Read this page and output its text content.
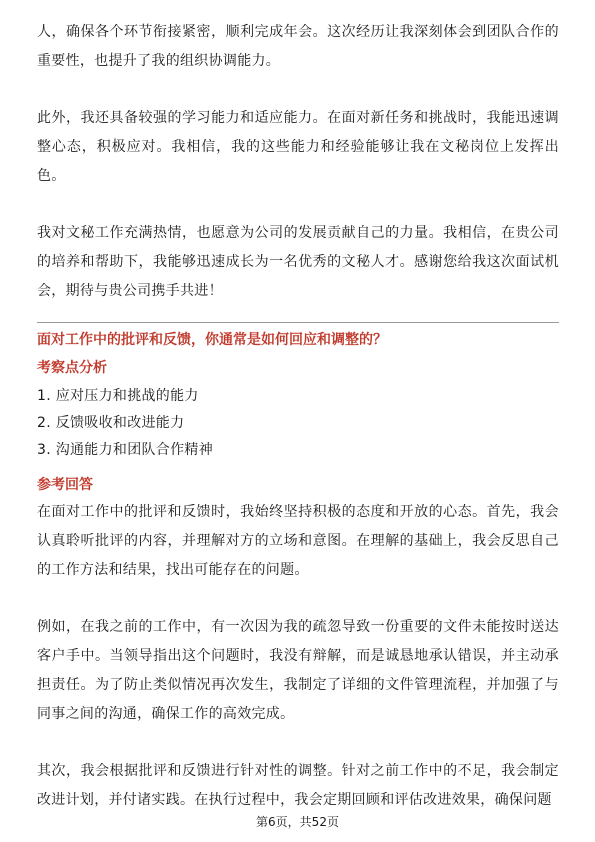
人，确保各个环节衔接紧密，顺利完成年会。这次经历让我深刻体会到团队合作的重要性，也提升了我的组织协调能力。

此外，我还具备较强的学习能力和适应能力。在面对新任务和挑战时，我能迅速调整心态，积极应对。我相信，我的这些能力和经验能够让我在文秘岗位上发挥出色。

我对文秘工作充满热情，也愿意为公司的发展贡献自己的力量。我相信，在贵公司的培养和帮助下，我能够迅速成长为一名优秀的文秘人才。感谢您给我这次面试机会，期待与贵公司携手共进！

面对工作中的批评和反馈，你通常是如何回应和调整的？
考察点分析
1. 应对压力和挑战的能力
2. 反馈吸收和改进能力
3. 沟通能力和团队合作精神
参考回答

在面对工作中的批评和反馈时，我始终坚持积极的态度和开放的心态。首先，我会认真聆听批评的内容，并理解对方的立场和意图。在理解的基础上，我会反思自己的工作方法和结果，找出可能存在的问题。

例如，在我之前的工作中，有一次因为我的疏忽导致一份重要的文件未能按时送达客户手中。当领导指出这个问题时，我没有辩解，而是诚恳地承认错误，并主动承担责任。为了防止类似情况再次发生，我制定了详细的文件管理流程，并加强了与同事之间的沟通，确保工作的高效完成。

其次，我会根据批评和反馈进行针对性的调整。针对之前工作中的不足，我会制定改进计划，并付诸实践。在执行过程中，我会定期回顾和评估改进效果，确保问题

第6页，共52页
